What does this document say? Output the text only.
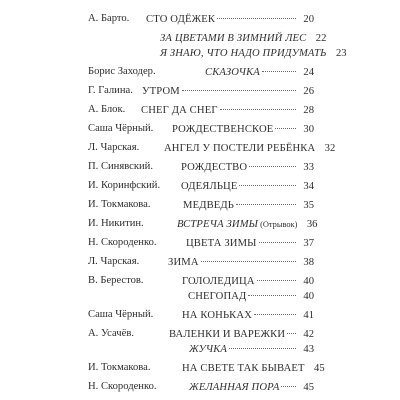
А. Барто.	СТО ОДЁЖЕК	20
ЗА ЦВЕТАМИ В ЗИМНИЙ ЛЕС 22
Я ЗНАЮ, ЧТО НАДО ПРИДУМАТЬ 23
Борис Заходер.	СКАЗОЧКА	24
Г. Галина. УТРОМ	26
А. Блок.	СНЕГ ДА СНЕГ	28
Саша Чёрный. РОЖДЕСТВЕНСКОЕ	30
Л. Чарская. АНГЕЛ У ПОСТЕЛИ РЕБЁНКА 32
П. Синявский.	РОЖДЕСТВО	33
И. Коринфский. ОДЕЯЛЬЦЕ	34
И. Токмакова.	МЕДВЕДЬ	35
И. Никитин.	ВСТРЕЧА ЗИМЫ (Отрывок) 36
Н. Скороденко.	ЦВЕТА ЗИМЫ	37
Л. Чарская.	ЗИМА	38
В. Берестов.	ГОЛОЛЕДИЦА	40
СНЕГОПАД	40
Саша Чёрный.	НА КОНЬКАХ	41
А. Усачёв.	ВАЛЕНКИ И ВАРЕЖКИ	42
ЖУЧКА	43
И. Токмакова.	НА СВЕТЕ ТАК БЫВАЕТ 45
Н. Скороденко.	ЖЕЛАННАЯ ПОРА	45
